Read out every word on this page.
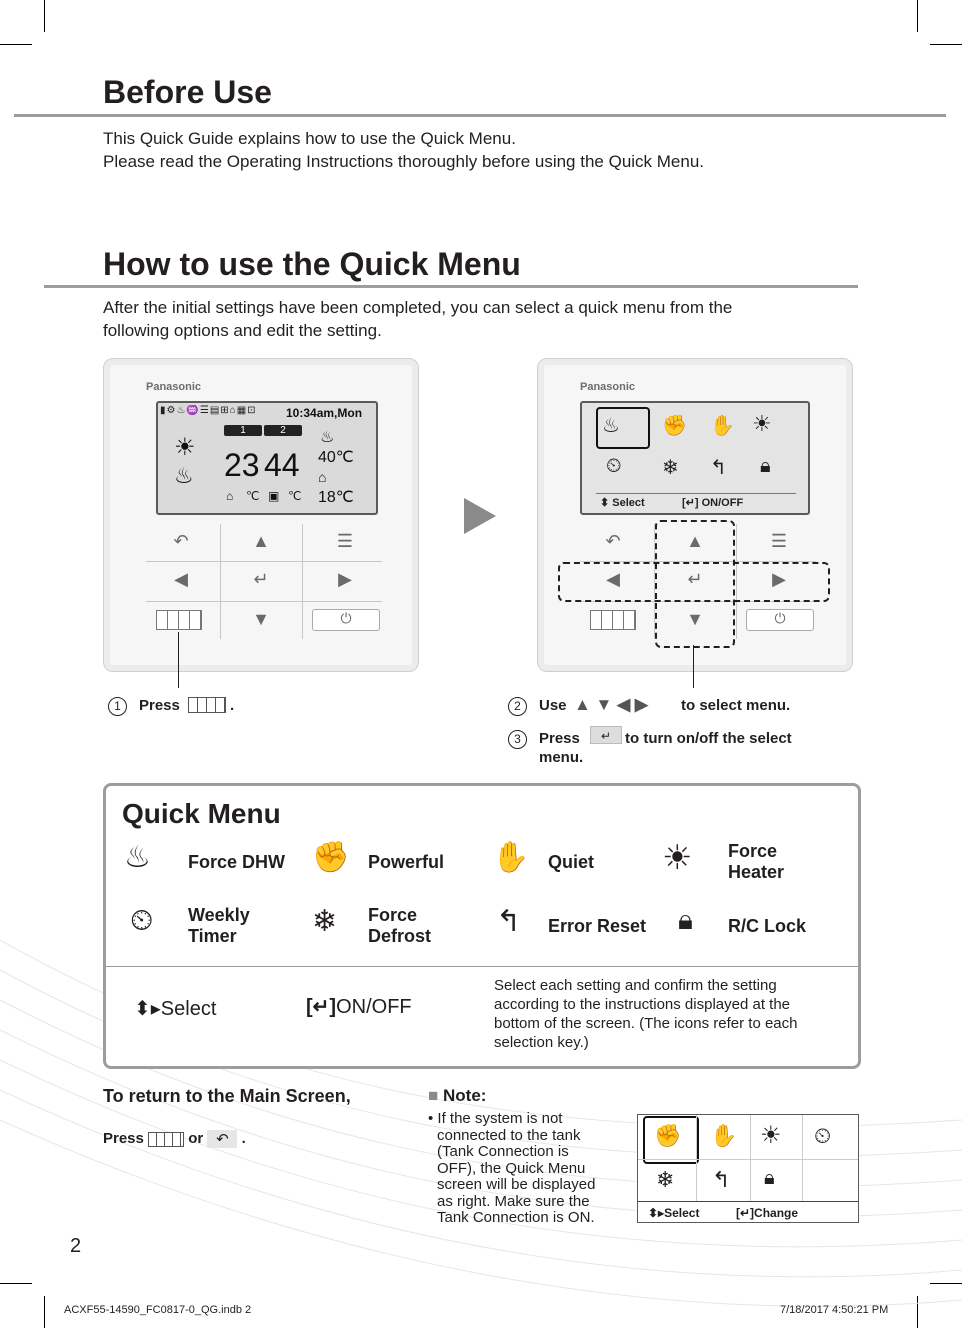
Before Use
This Quick Guide explains how to use the Quick Menu.
Please read the Operating Instructions thoroughly before using the Quick Menu.
How to use the Quick Menu
After the initial settings have been completed, you can select a quick menu from the
following options and edit the setting.
Panasonic
▮⚙♨♒☰▤⊞⌂▦⊡	10:34am,Mon
1	2
☀
♨ 23 44
⌂ ℃ ▣ ℃
♨
40℃
⌂
18℃
↶	▲	☰
◀	↵	▶
▼	⏻
Panasonic
♨ ✊ ✋ ☀
⏲ ❄ ↰ 🔒︎
⬍ Select	[↵] ON/OFF
↶	▲	☰
◀	↵	▶
▼	⏻
1 Press	.	2 Use ▲ ▼ ◀ ▶ to select menu.
3 Press	↵ to turn on/off the select
menu.
Quick Menu
♨	Force DHW ✊	Powerful ✋	Quiet ☀	Force
Heater
⏲	Weekly
Timer	❄	Force
Defrost ↰	Error Reset 🔒︎	R/C Lock
⬍▸Select	[↵]ON/OFF
Select each setting and confirm the setting
according to the instructions displayed at the
bottom of the screen. (The icons refer to each
selection key.)
To return to the Main Screen,
Press	or ↶ .
■ Note:
• If the system is not
connected to the tank
(Tank Connection is
OFF), the Quick Menu
screen will be displayed
as right. Make sure the
Tank Connection is ON.
✊ ✋ ☀ ⏲
❄ ↰ 🔒︎
⬍▸Select	[↵]Change
2
ACXF55-14590_FC0817-0_QG.indb 2	7/18/2017 4:50:21 PM
